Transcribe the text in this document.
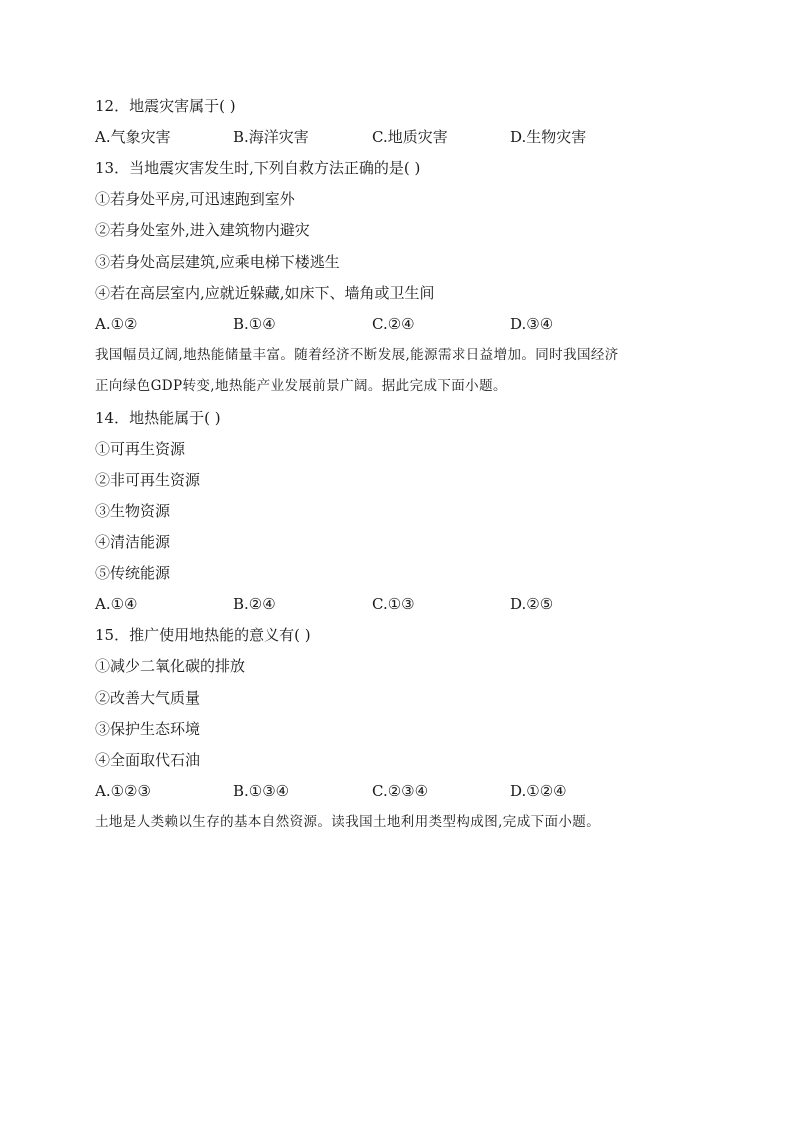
12．地震灾害属于( )
A.气象灾害	B.海洋灾害	C.地质灾害	D.生物灾害
13．当地震灾害发生时,下列自救方法正确的是( )
①若身处平房,可迅速跑到室外
②若身处室外,进入建筑物内避灾
③若身处高层建筑,应乘电梯下楼逃生
④若在高层室内,应就近躲藏,如床下、墙角或卫生间
A.①②	B.①④	C.②④	D.③④
我国幅员辽阔,地热能储量丰富。随着经济不断发展,能源需求日益增加。同时我国经济
正向绿色GDP转变,地热能产业发展前景广阔。据此完成下面小题。
14．地热能属于( )
①可再生资源
②非可再生资源
③生物资源
④清洁能源
⑤传统能源
A.①④	B.②④	C.①③	D.②⑤
15．推广使用地热能的意义有( )
①减少二氧化碳的排放
②改善大气质量
③保护生态环境
④全面取代石油
A.①②③	B.①③④	C.②③④	D.①②④
土地是人类赖以生存的基本自然资源。读我国土地利用类型构成图,完成下面小题。
